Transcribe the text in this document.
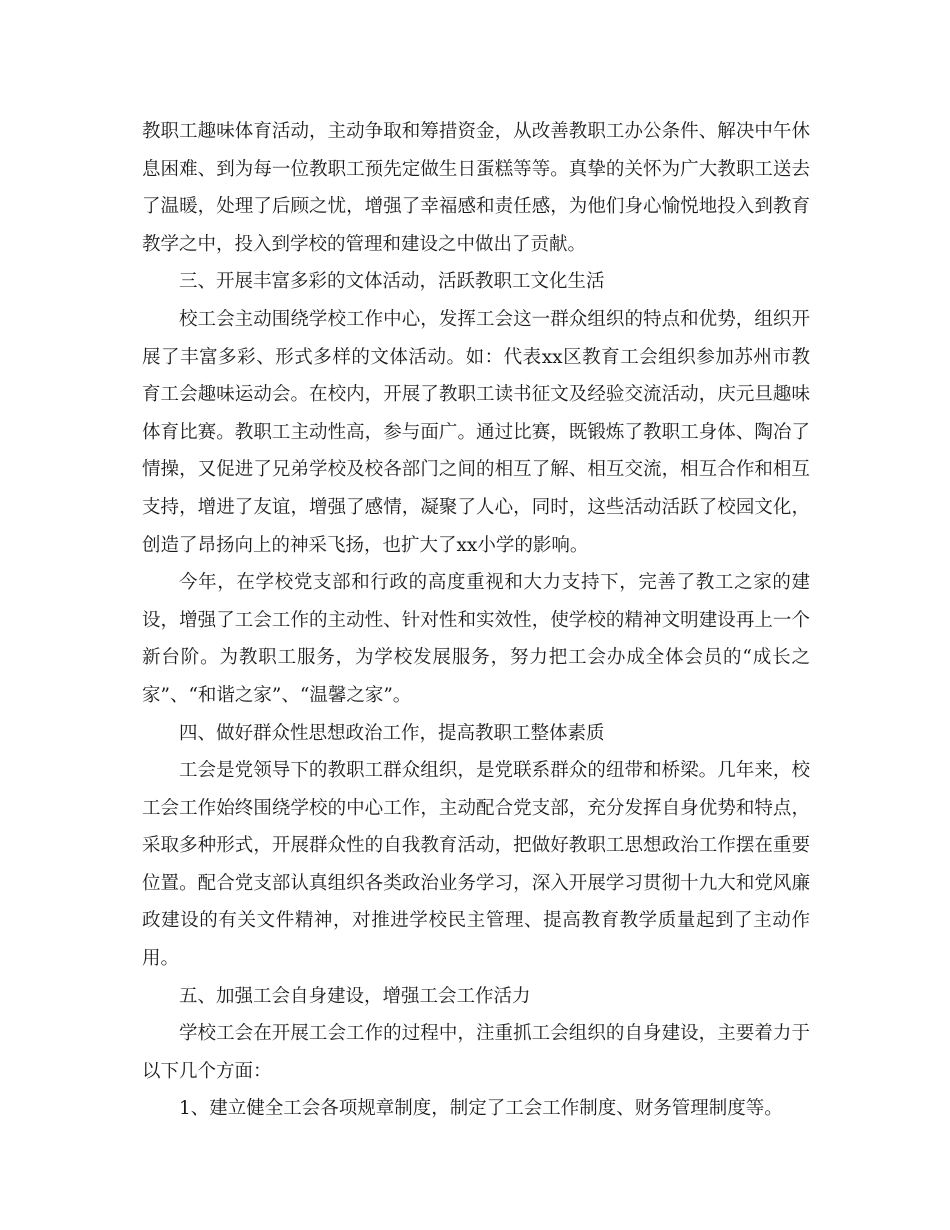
教职工趣味体育活动，主动争取和筹措资金，从改善教职工办公条件、解决中午休息困难、到为每一位教职工预先定做生日蛋糕等等。真挚的关怀为广大教职工送去了温暖，处理了后顾之忧，增强了幸福感和责任感，为他们身心愉悦地投入到教育教学之中，投入到学校的管理和建设之中做出了贡献。

三、开展丰富多彩的文体活动，活跃教职工文化生活

校工会主动围绕学校工作中心，发挥工会这一群众组织的特点和优势，组织开展了丰富多彩、形式多样的文体活动。如：代表xx区教育工会组织参加苏州市教育工会趣味运动会。在校内，开展了教职工读书征文及经验交流活动，庆元旦趣味体育比赛。教职工主动性高，参与面广。通过比赛，既锻炼了教职工身体、陶冶了情操，又促进了兄弟学校及校各部门之间的相互了解、相互交流，相互合作和相互支持，增进了友谊，增强了感情，凝聚了人心，同时，这些活动活跃了校园文化，创造了昂扬向上的神采飞扬，也扩大了xx小学的影响。

今年，在学校党支部和行政的高度重视和大力支持下，完善了教工之家的建设，增强了工会工作的主动性、针对性和实效性，使学校的精神文明建设再上一个新台阶。为教职工服务，为学校发展服务，努力把工会办成全体会员的“成长之家”、“和谐之家”、“温馨之家”。

四、做好群众性思想政治工作，提高教职工整体素质

工会是党领导下的教职工群众组织，是党联系群众的纽带和桥梁。几年来，校工会工作始终围绕学校的中心工作，主动配合党支部，充分发挥自身优势和特点，采取多种形式，开展群众性的自我教育活动，把做好教职工思想政治工作摆在重要位置。配合党支部认真组织各类政治业务学习，深入开展学习贯彻十九大和党风廉政建设的有关文件精神，对推进学校民主管理、提高教育教学质量起到了主动作用。

五、加强工会自身建设，增强工会工作活力

学校工会在开展工会工作的过程中，注重抓工会组织的自身建设，主要着力于以下几个方面：

1、建立健全工会各项规章制度，制定了工会工作制度、财务管理制度等。
